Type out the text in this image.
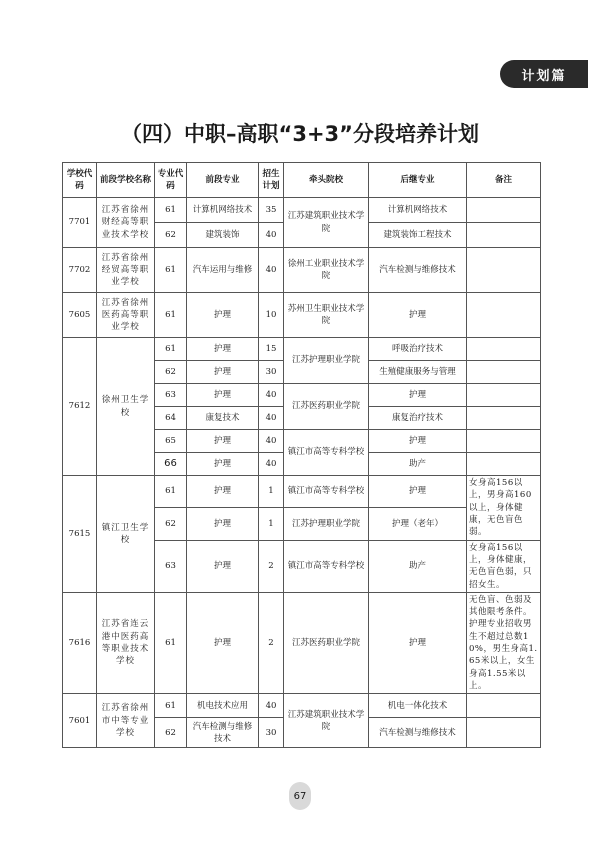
计划篇
（四）中职–高职“3+3”分段培养计划
学校代码	前段学校名称	专业代码	前段专业	招生计划	牵头院校	后继专业	备注
7701	江苏省徐州财经高等职业技术学校	61	计算机网络技术	35	江苏建筑职业技术学院	计算机网络技术	
		62	建筑装饰	40		建筑装饰工程技术	
7702	江苏省徐州经贸高等职业学校	61	汽车运用与维修	40	徐州工业职业技术学院	汽车检测与维修技术	
7605	江苏省徐州医药高等职业学校	61	护理	10	苏州卫生职业技术学院	护理	
7612	徐州卫生学校	61	护理	15	江苏护理职业学院	呼吸治疗技术	
		62	护理	30		生殖健康服务与管理	
		63	护理	40	江苏医药职业学院	护理	
		64	康复技术	40		康复治疗技术	
		65	护理	40	镇江市高等专科学校	护理	
		66	护理	40		助产	
7615	镇江卫生学校	61	护理	1	镇江市高等专科学校	护理	女身高156以上，男身高160以上，身体健康，无色盲色弱。
		62	护理	1	江苏护理职业学院	护理（老年）	
		63	护理	2	镇江市高等专科学校	助产	女身高156以上，身体健康，无色盲色弱，只招女生。
7616	江苏省连云港中医药高等职业技术学校	61	护理	2	江苏医药职业学院	护理	无色盲、色弱及其他限考条件。护理专业招收男生不超过总数10%，男生身高1.65米以上，女生身高1.55米以上。
7601	江苏省徐州市中等专业学校	61	机电技术应用	40	江苏建筑职业技术学院	机电一体化技术	
		62	汽车检测与维修技术	30		汽车检测与维修技术	
67
